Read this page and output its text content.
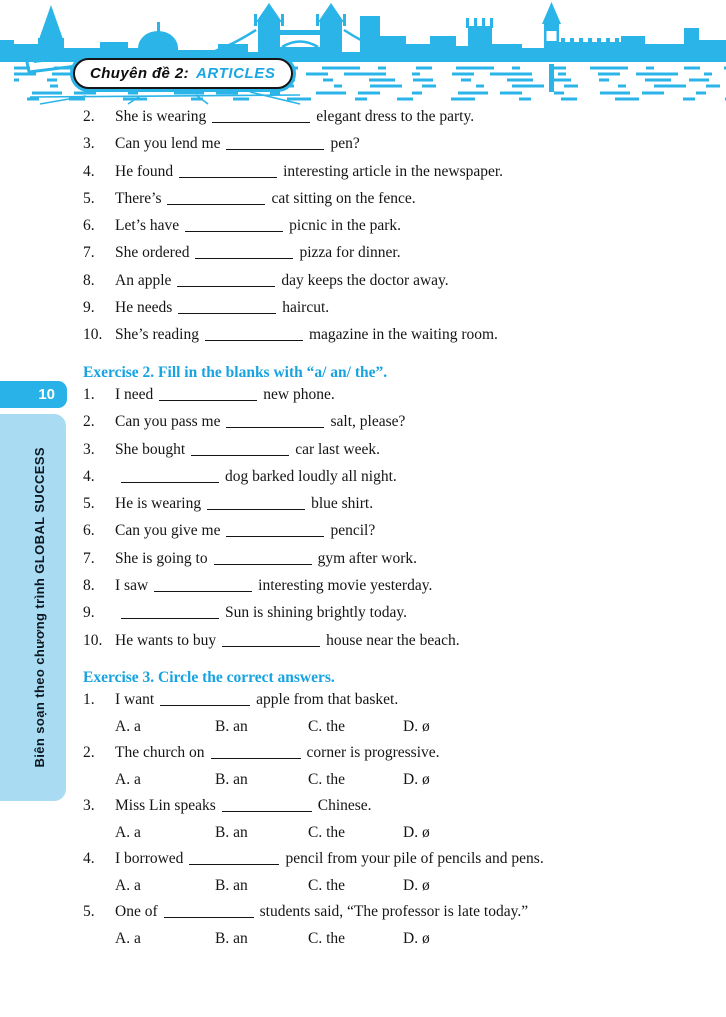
Chuyên đề 2: ARTICLES
10
Biên soạn theo chương trình GLOBAL SUCCESS
2.	She is wearing	elegant dress to the party.
3.	Can you lend me	pen?
4.	He found	interesting article in the newspaper.
5.	There’s	cat sitting on the fence.
6.	Let’s have	picnic in the park.
7.	She ordered	pizza for dinner.
8.	An apple	day keeps the doctor away.
9.	He needs	haircut.
10. She’s reading	magazine in the waiting room.
Exercise 2. Fill in the blanks with “a/ an/ the”.
1.	I need	new phone.
2.	Can you pass me	salt, please?
3.	She bought	car last week.
4.	dog barked loudly all night.
5.	He is wearing	blue shirt.
6.	Can you give me	pencil?
7.	She is going to	gym after work.
8.	I saw	interesting movie yesterday.
9.	Sun is shining brightly today.
10. He wants to buy	house near the beach.
Exercise 3. Circle the correct answers.
1.	I want	apple from that basket.
A. a	B. an	C. the	D. ø
2.	The church on	corner is progressive.
A. a	B. an	C. the	D. ø
3.	Miss Lin speaks	Chinese.
A. a	B. an	C. the	D. ø
4.	I borrowed	pencil from your pile of pencils and pens.
A. a	B. an	C. the	D. ø
5.	One of	students said, “The professor is late today.”
A. a	B. an	C. the	D. ø
